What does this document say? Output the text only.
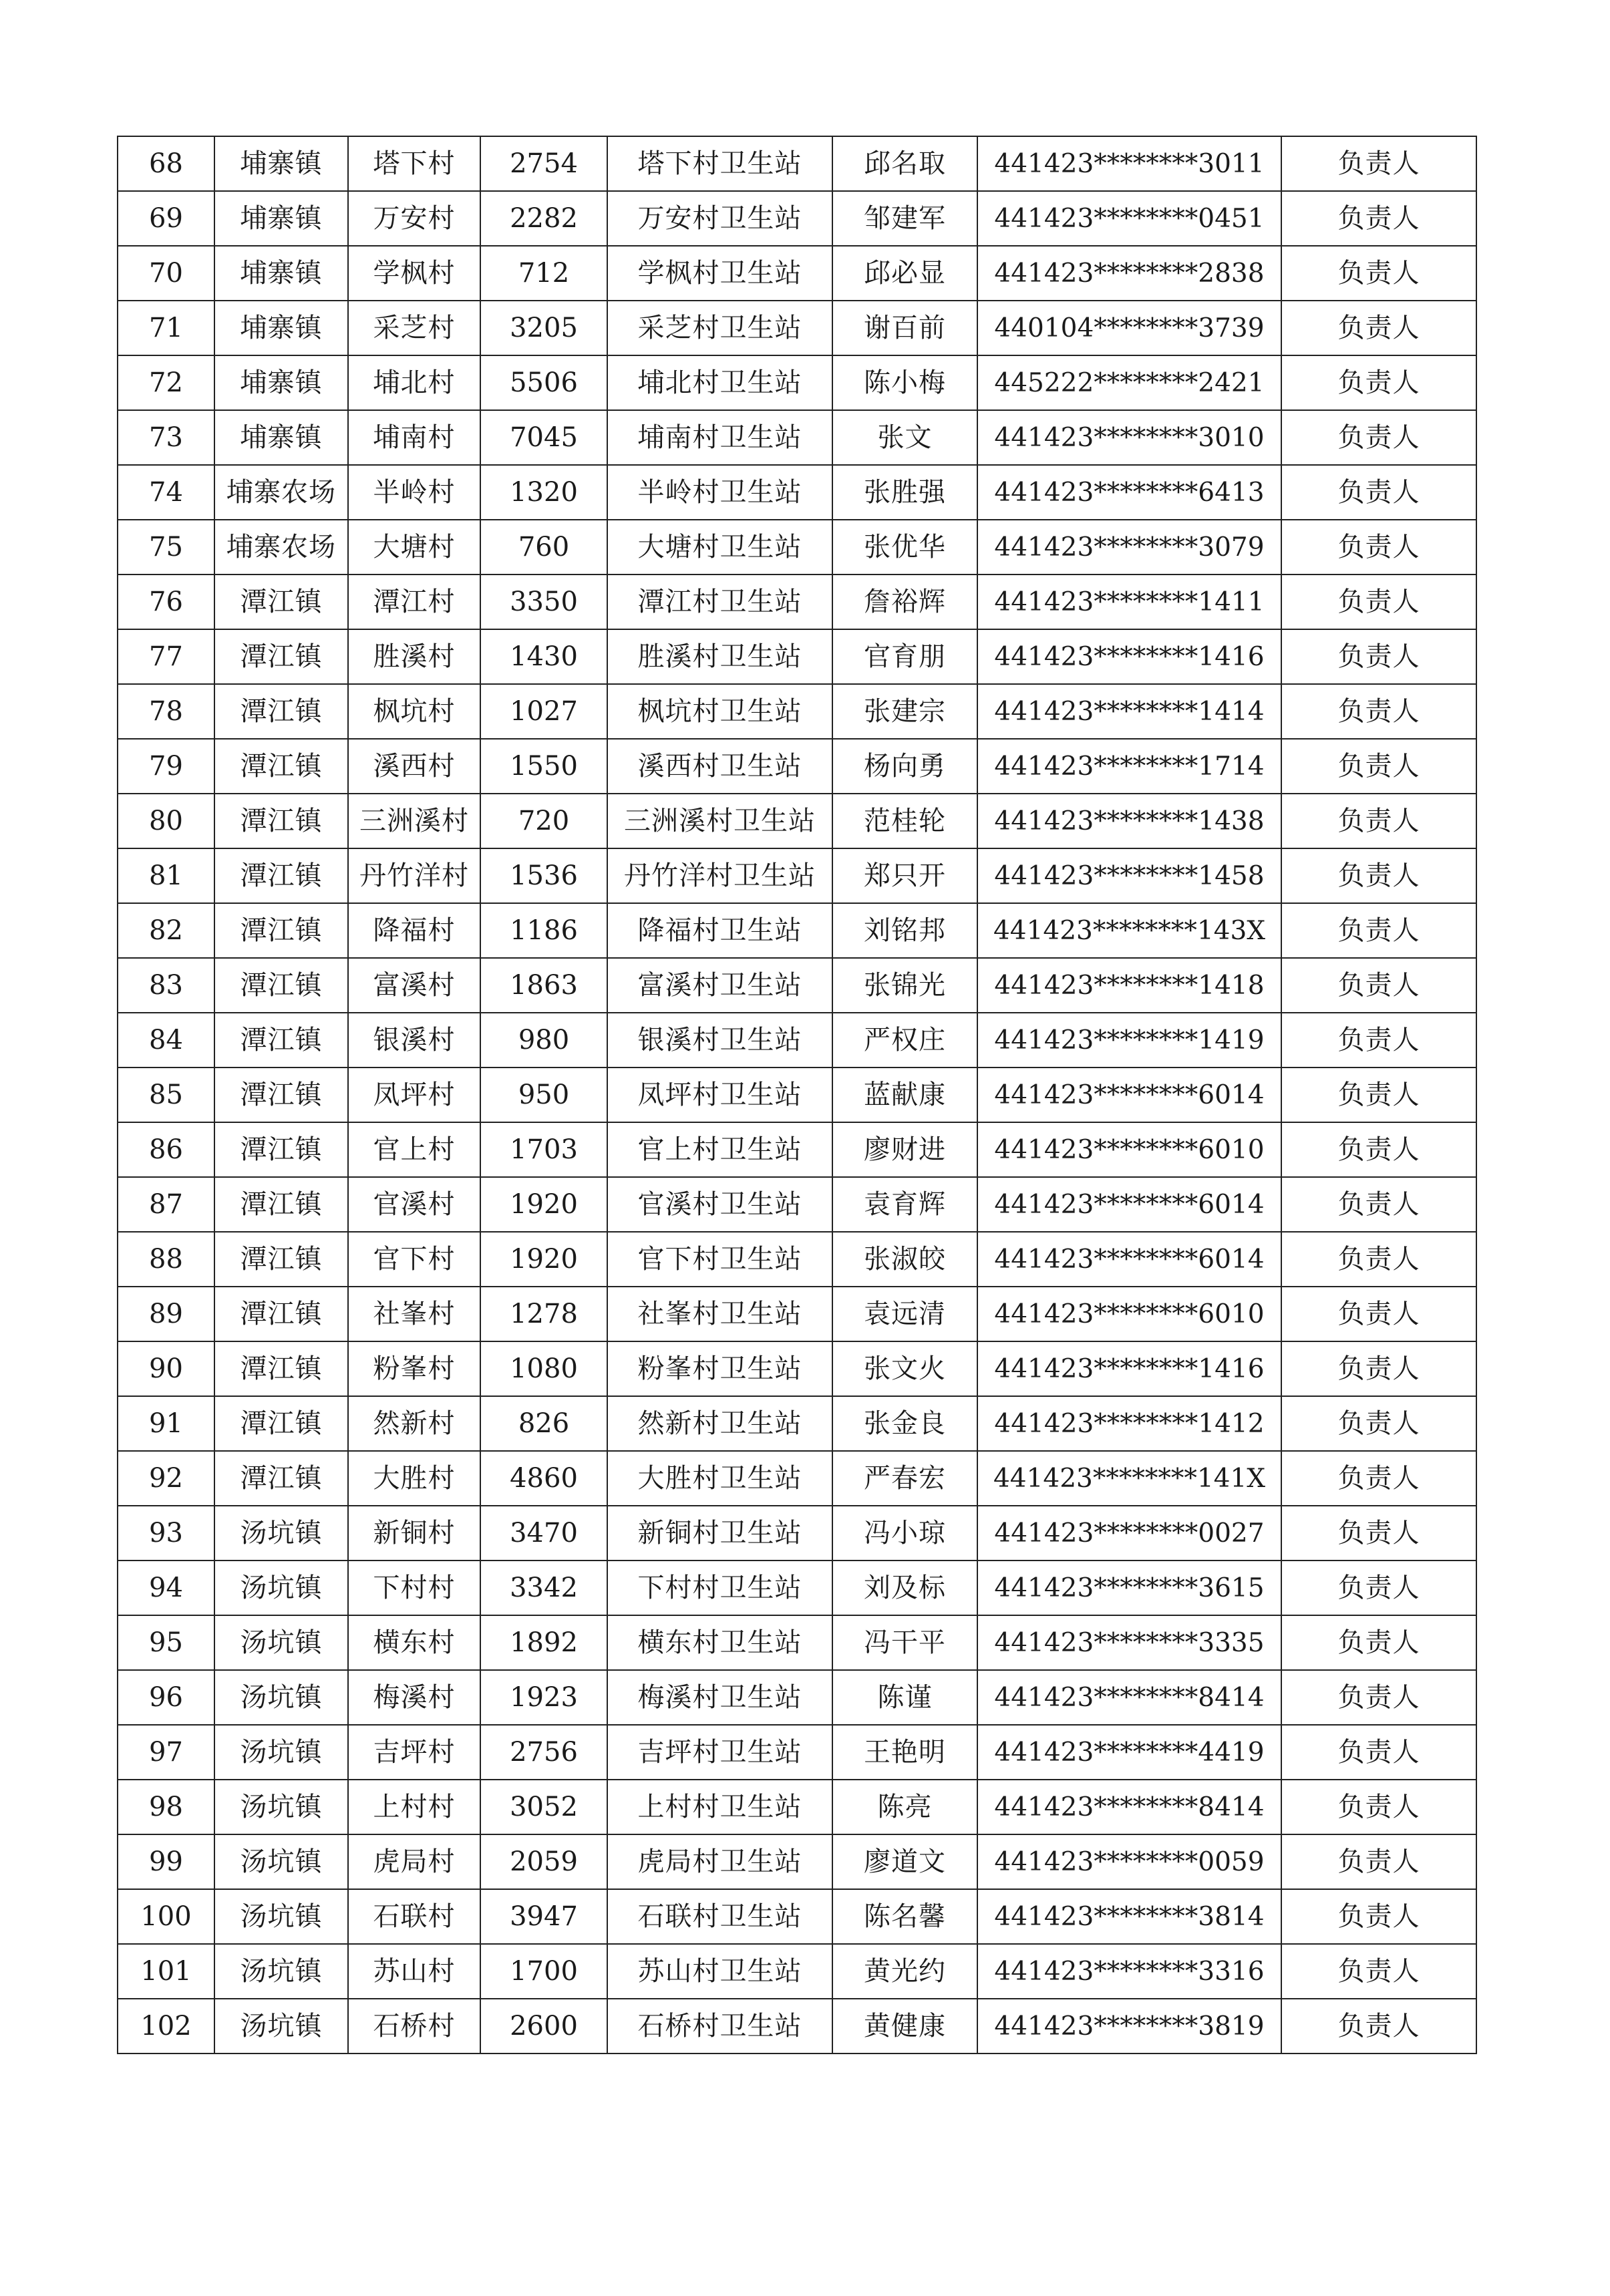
68	埔寨镇	塔下村	2754	塔下村卫生站	邱名取	441423********3011	负责人
69	埔寨镇	万安村	2282	万安村卫生站	邹建军	441423********0451	负责人
70	埔寨镇	学枫村	712	学枫村卫生站	邱必显	441423********2838	负责人
71	埔寨镇	采芝村	3205	采芝村卫生站	谢百前	440104********3739	负责人
72	埔寨镇	埔北村	5506	埔北村卫生站	陈小梅	445222********2421	负责人
73	埔寨镇	埔南村	7045	埔南村卫生站	张文	441423********3010	负责人
74	埔寨农场	半岭村	1320	半岭村卫生站	张胜强	441423********6413	负责人
75	埔寨农场	大塘村	760	大塘村卫生站	张优华	441423********3079	负责人
76	潭江镇	潭江村	3350	潭江村卫生站	詹裕辉	441423********1411	负责人
77	潭江镇	胜溪村	1430	胜溪村卫生站	官育朋	441423********1416	负责人
78	潭江镇	枫坑村	1027	枫坑村卫生站	张建宗	441423********1414	负责人
79	潭江镇	溪西村	1550	溪西村卫生站	杨向勇	441423********1714	负责人
80	潭江镇	三洲溪村	720	三洲溪村卫生站	范桂轮	441423********1438	负责人
81	潭江镇	丹竹洋村	1536	丹竹洋村卫生站	郑只开	441423********1458	负责人
82	潭江镇	降福村	1186	降福村卫生站	刘铭邦	441423********143X	负责人
83	潭江镇	富溪村	1863	富溪村卫生站	张锦光	441423********1418	负责人
84	潭江镇	银溪村	980	银溪村卫生站	严权庄	441423********1419	负责人
85	潭江镇	凤坪村	950	凤坪村卫生站	蓝献康	441423********6014	负责人
86	潭江镇	官上村	1703	官上村卫生站	廖财进	441423********6010	负责人
87	潭江镇	官溪村	1920	官溪村卫生站	袁育辉	441423********6014	负责人
88	潭江镇	官下村	1920	官下村卫生站	张淑皎	441423********6014	负责人
89	潭江镇	社峯村	1278	社峯村卫生站	袁远清	441423********6010	负责人
90	潭江镇	粉峯村	1080	粉峯村卫生站	张文火	441423********1416	负责人
91	潭江镇	然新村	826	然新村卫生站	张金良	441423********1412	负责人
92	潭江镇	大胜村	4860	大胜村卫生站	严春宏	441423********141X	负责人
93	汤坑镇	新铜村	3470	新铜村卫生站	冯小琼	441423********0027	负责人
94	汤坑镇	下村村	3342	下村村卫生站	刘及标	441423********3615	负责人
95	汤坑镇	横东村	1892	横东村卫生站	冯干平	441423********3335	负责人
96	汤坑镇	梅溪村	1923	梅溪村卫生站	陈谨	441423********8414	负责人
97	汤坑镇	吉坪村	2756	吉坪村卫生站	王艳明	441423********4419	负责人
98	汤坑镇	上村村	3052	上村村卫生站	陈亮	441423********8414	负责人
99	汤坑镇	虎局村	2059	虎局村卫生站	廖道文	441423********0059	负责人
100	汤坑镇	石联村	3947	石联村卫生站	陈名馨	441423********3814	负责人
101	汤坑镇	苏山村	1700	苏山村卫生站	黄光约	441423********3316	负责人
102	汤坑镇	石桥村	2600	石桥村卫生站	黄健康	441423********3819	负责人
